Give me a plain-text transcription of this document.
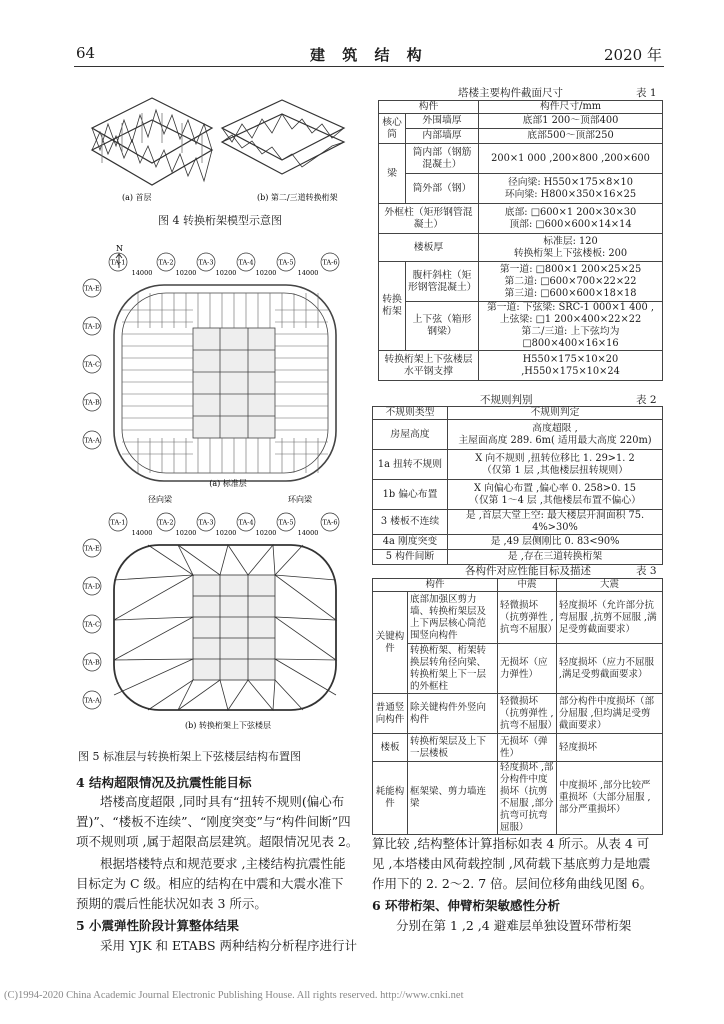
64	建 筑 结 构	2020 年
(a) 首层	(b) 第二/三道转换桁架
图 4 转换桁架模型示意图
TA-1	TA-2	TA-3	TA-4	TA-5	TA-6
14000	10200	10200	10200	14000
TA-E
TA-D
TA-C
TA-B
TA-A
径向梁	环向梁
(a) 标准层
N
TA-1	TA-2	TA-3	TA-4	TA-5	TA-6
14000	10200	10200	10200	14000
TA-E
TA-D
TA-C
TA-B
TA-A
(b) 转换桁架上下弦楼层
图 5 标准层与转换桁架上下弦楼层结构布置图
4 结构超限情况及抗震性能目标
塔楼高度超限 ,同时具有“扭转不规则(偏心布
置)”、“楼板不连续”、“刚度突变”与“构件间断”四
项不规则项 ,属于超限高层建筑。超限情况见表 2。
根据塔楼特点和规范要求 ,主楼结构抗震性能
目标定为 C 级。相应的结构在中震和大震水准下
预期的震后性能状况如表 3 所示。
5 小震弹性阶段计算整体结果
采用 YJK 和 ETABS 两种结构分析程序进行计
塔楼主要构件截面尺寸	表 1
构件		构件尺寸/mm
核心筒	外围墙厚	底部1 200～顶部400
	内部墙厚	底部500～顶部250
梁	筒内部（钢筋混凝土）	200×1 000 ,200×800 ,200×600
	筒外部（钢）	径向梁: H550×175×8×10
环向梁: H800×350×16×25

外框柱（矩形钢管混凝土）		底部: □600×1 200×30×30
顶部: □600×600×14×14

楼板厚		标准层: 120
转换桁架上下弦楼板: 200

转换桁架	腹杆斜柱（矩形钢管混凝土）	第一道: □800×1 200×25×25
第二道: □600×700×22×22
第三道: □600×600×18×18

	上下弦（箱形钢梁）	第一道: 下弦梁: SRC-1 000×1 400 ,
上弦梁: □1 200×400×22×22
第二/三道: 上下弦均为 □800×400×16×16

转换桁架上下弦楼层水平钢支撑		H550×175×10×20 ,H550×175×10×24
不规则判别	表 2
不规则类型	不规则判定
房屋高度	高度超限 ,
主屋面高度 289. 6m( 适用最大高度 220m)

1a 扭转不规则	X 向不规则 ,扭转位移比 1. 29>1. 2
（仅第 1 层 ,其他楼层扭转规则）

1b 偏心布置	X 向偏心布置 ,偏心率 0. 258>0. 15
（仅第 1～4 层 ,其他楼层布置不偏心）

3 楼板不连续	是 ,首层大堂上空: 最大楼层开洞面积 75. 4%>30%
4a 刚度突变	是 ,49 层侧刚比 0. 83<90%
5 构件间断	是 ,存在三道转换桁架
各构件对应性能目标及描述	表 3
构件		中震	大震
关键构件	底部加强区剪力墙、转换桁架层及上下两层核心筒范围竖向构件	轻微损坏（抗剪弹性 ,抗弯不屈服）	轻度损坏（允许部分抗弯屈服 ,抗剪不屈服 ,满足受剪截面要求）
	转换桁架、桁架转换层转角径向梁、转换桁架上下一层的外框柱	无损坏（应力弹性）	轻度损坏（应力不屈服 ,满足受剪截面要求）
普通竖向构件	除关键构件外竖向构件	轻微损坏（抗剪弹性 ,抗弯不屈服）	部分构件中度损坏（部分屈服 ,但均满足受剪截面要求）
楼板	转换桁架层及上下一层楼板	无损坏（弹性）	轻度损坏
耗能构件	框架梁、剪力墙连梁	轻度损坏 ,部分构件中度损坏（抗剪不屈服 ,部分抗弯可抗弯屈服）	中度损坏 ,部分比较严重损坏（大部分屈服 ,部分严重损坏）
算比较 ,结构整体计算指标如表 4 所示。从表 4 可
见 ,本塔楼由风荷载控制 ,风荷载下基底剪力是地震
作用下的 2. 2～2. 7 倍。层间位移角曲线见图 6。
6 环带桁架、伸臂桁架敏感性分析
分别在第 1 ,2 ,4 避难层单独设置环带桁架
(C)1994-2020 China Academic Journal Electronic Publishing House. All rights reserved. http://www.cnki.net
